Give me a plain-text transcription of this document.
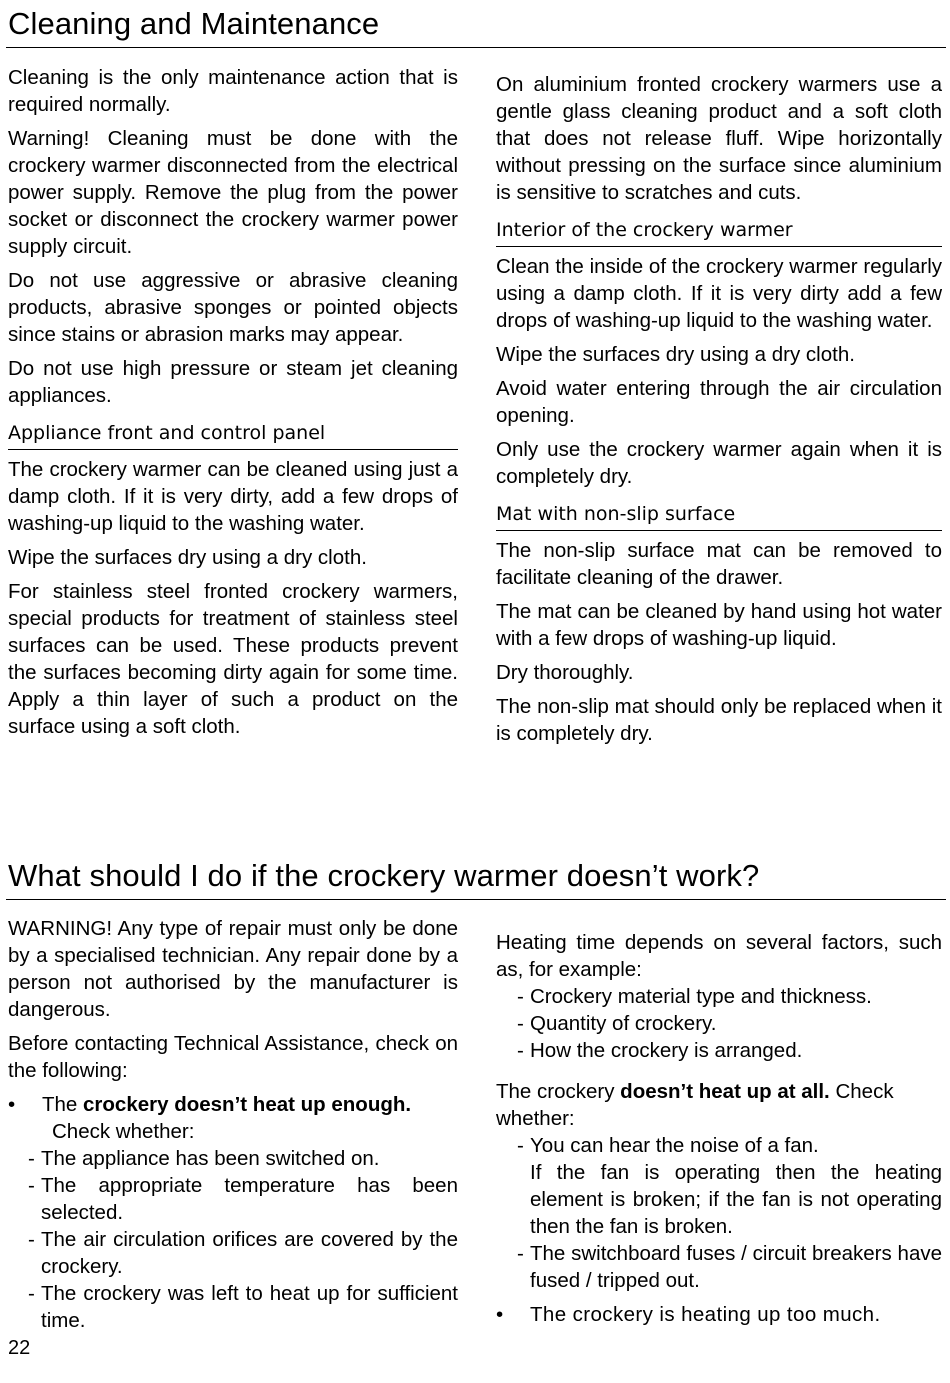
Cleaning and Maintenance

Cleaning is the only maintenance action that is required normally.

Warning! Cleaning must be done with the crockery warmer disconnected from the electrical power supply. Remove the plug from the power socket or disconnect the crockery warmer power supply circuit.

Do not use aggressive or abrasive cleaning products, abrasive sponges or pointed objects since stains or abrasion marks may appear.

Do not use high pressure or steam jet cleaning appliances.

Appliance front and control panel

The crockery warmer can be cleaned using just a damp cloth. If it is very dirty, add a few drops of washing-up liquid to the washing water.

Wipe the surfaces dry using a dry cloth.

For stainless steel fronted crockery warmers, special products for treatment of stainless steel surfaces can be used. These products prevent the surfaces becoming dirty again for some time. Apply a thin layer of such a product on the surface using a soft cloth.

On aluminium fronted crockery warmers use a gentle glass cleaning product and a soft cloth that does not release fluff. Wipe horizontally without pressing on the surface since aluminium is sensitive to scratches and cuts.

Interior of the crockery warmer

Clean the inside of the crockery warmer regularly using a damp cloth. If it is very dirty add a few drops of washing-up liquid to the washing water.

Wipe the surfaces dry using a dry cloth.

Avoid water entering through the air circulation opening.

Only use the crockery warmer again when it is completely dry.

Mat with non-slip surface

The non-slip surface mat can be removed to facilitate cleaning of the drawer.

The mat can be cleaned by hand using hot water with a few drops of washing-up liquid.

Dry thoroughly.

The non-slip mat should only be replaced when it is completely dry.

What should I do if the crockery warmer doesn’t work?

WARNING! Any type of repair must only be done by a specialised technician. Any repair done by a person not authorised by the manufacturer is dangerous.

Before contacting Technical Assistance, check on the following:

•	The crockery doesn’t heat up enough.
Check whether:
- The appliance has been switched on.
- The appropriate temperature has been selected.
- The air circulation orifices are covered by the crockery.
- The crockery was left to heat up for sufficient time.

Heating time depends on several factors, such as, for example:

- Crockery material type and thickness.
- Quantity of crockery.
- How the crockery is arranged.

The crockery doesn’t heat up at all. Check whether:

- You can hear the noise of a fan.
If the fan is operating then the heating element is broken; if the fan is not operating then the fan is broken.
- The switchboard fuses / circuit breakers have fused / tripped out.
•	The crockery is heating up too much.
22
